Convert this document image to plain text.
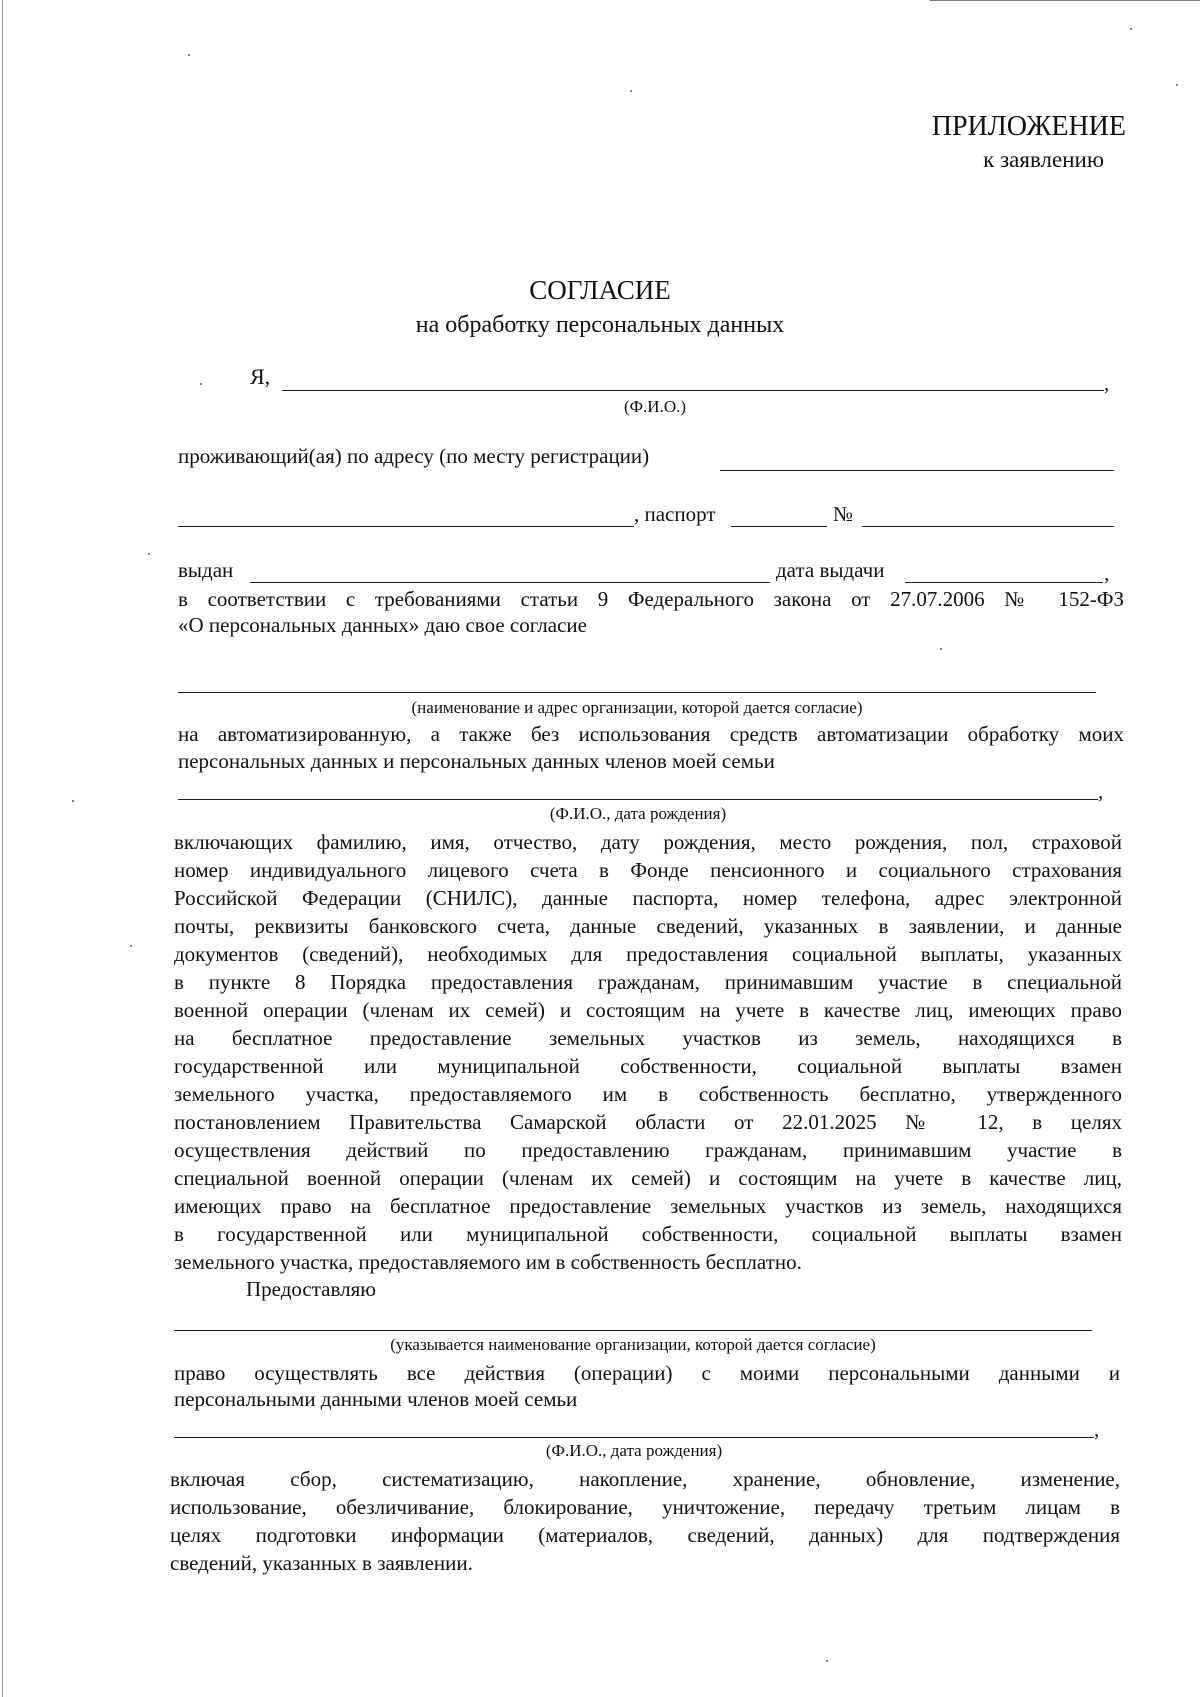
ПРИЛОЖЕНИЕ
к заявлению
СОГЛАСИЕ
на обработку персональных данных
Я,	,
(Ф.И.О.)
проживающий(ая) по адресу (по месту регистрации)
, паспорт	№
выдан	дата выдачи	,
в соответствии с требованиями статьи 9 Федерального закона от 27.07.2006 № 152-ФЗ
«О персональных данных» даю свое согласие
(наименование и адрес организации, которой дается согласие)
на автоматизированную, а также без использования средств автоматизации обработку моих
персональных данных и персональных данных членов моей семьи
,
(Ф.И.О., дата рождения)
включающих фамилию, имя, отчество, дату рождения, место рождения, пол, страховой
номер индивидуального лицевого счета в Фонде пенсионного и социального страхования
Российской Федерации (СНИЛС), данные паспорта, номер телефона, адрес электронной
почты, реквизиты банковского счета, данные сведений, указанных в заявлении, и данные
документов (сведений), необходимых для предоставления социальной выплаты, указанных
в пункте 8 Порядка предоставления гражданам, принимавшим участие в специальной
военной операции (членам их семей) и состоящим на учете в качестве лиц, имеющих право
на бесплатное предоставление земельных участков из земель, находящихся в
государственной или муниципальной собственности, социальной выплаты взамен
земельного участка, предоставляемого им в собственность бесплатно, утвержденного
постановлением Правительства Самарской области от 22.01.2025 № 12, в целях
осуществления действий по предоставлению гражданам, принимавшим участие в
специальной военной операции (членам их семей) и состоящим на учете в качестве лиц,
имеющих право на бесплатное предоставление земельных участков из земель, находящихся
в государственной или муниципальной собственности, социальной выплаты взамен
земельного участка, предоставляемого им в собственность бесплатно.
Предоставляю
(указывается наименование организации, которой дается согласие)
право осуществлять все действия (операции) с моими персональными данными и
персональными данными членов моей семьи
,
(Ф.И.О., дата рождения)
включая сбор, систематизацию, накопление, хранение, обновление, изменение,
использование, обезличивание, блокирование, уничтожение, передачу третьим лицам в
целях подготовки информации (материалов, сведений, данных) для подтверждения
сведений, указанных в заявлении.
